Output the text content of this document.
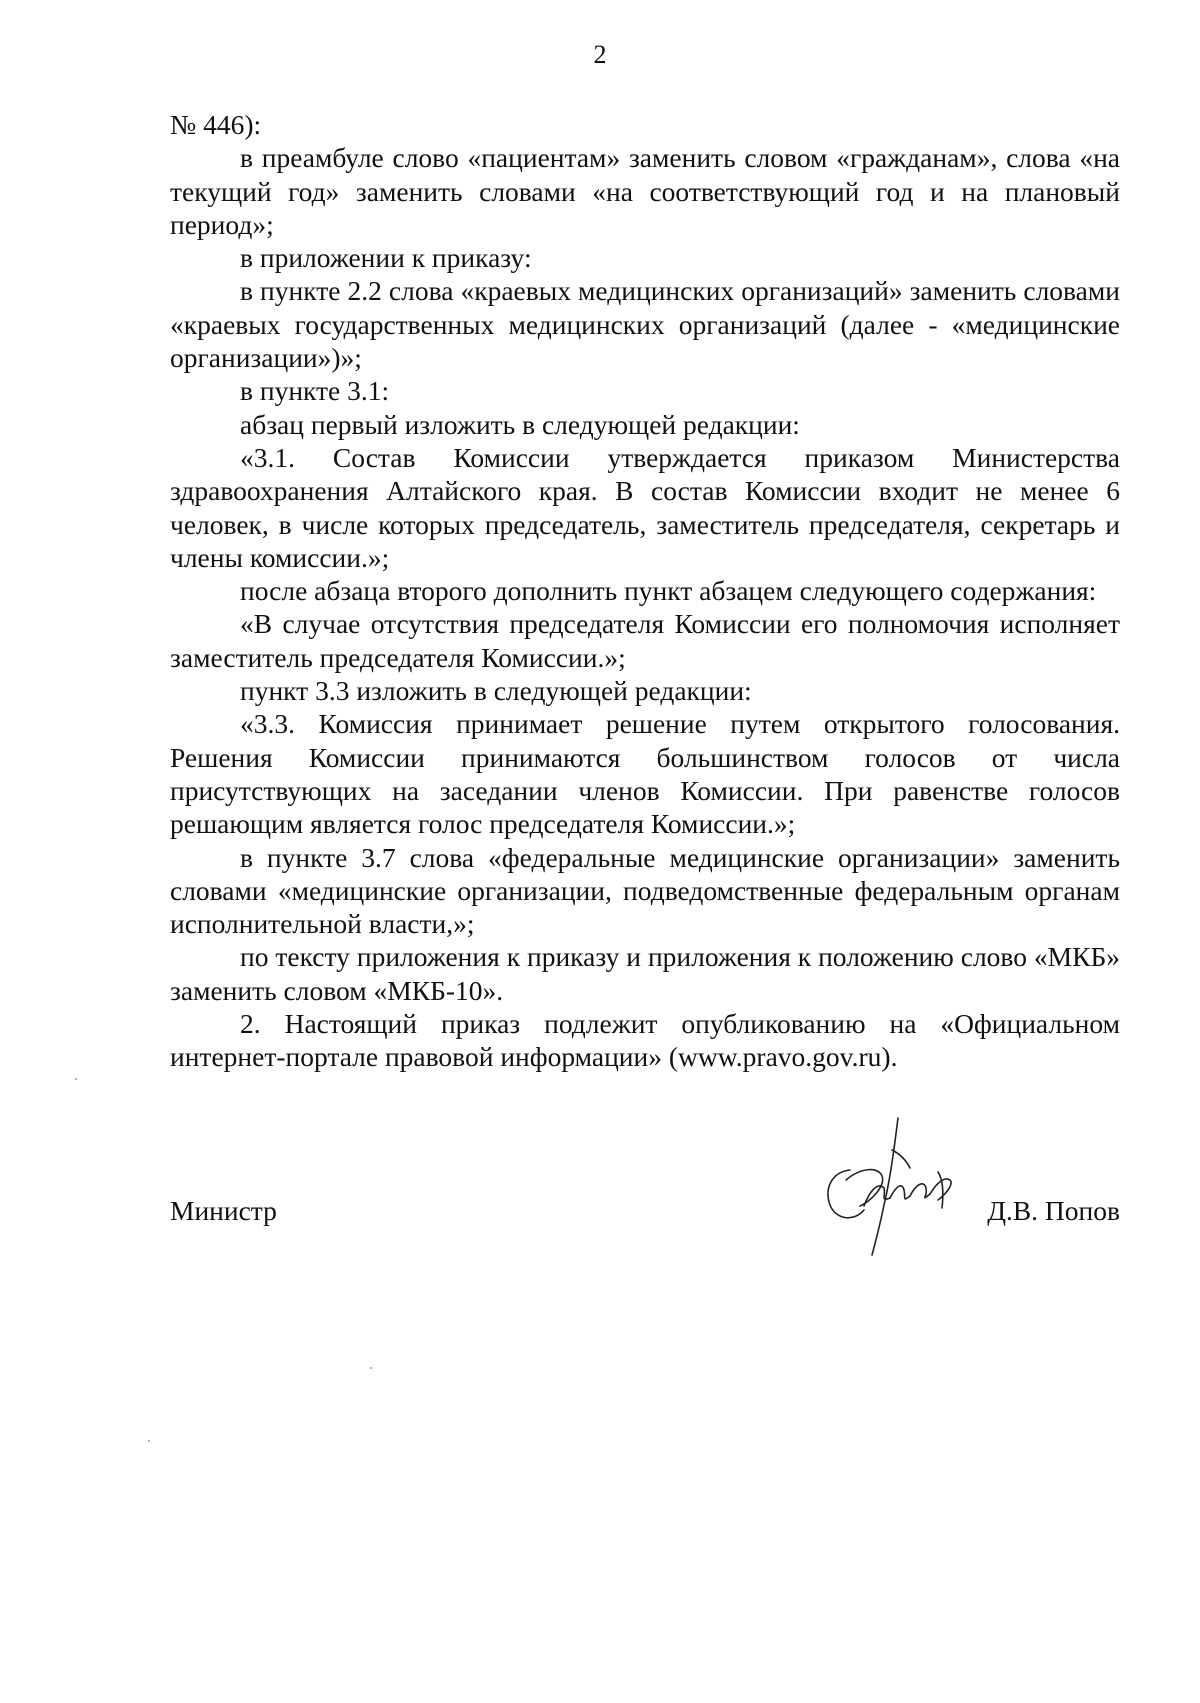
2

№ 446):

в преамбуле слово «пациентам» заменить словом «гражданам», слова «на текущий год» заменить словами «на соответствующий год и на плановый период»;

в приложении к приказу:

в пункте 2.2 слова «краевых медицинских организаций» заменить словами «краевых государственных медицинских организаций (далее - «медицинские организации»)»;

в пункте 3.1:

абзац первый изложить в следующей редакции:

«3.1. Состав Комиссии утверждается приказом Министерства здравоохранения Алтайского края. В состав Комиссии входит не менее 6 человек, в числе которых председатель, заместитель председателя, секретарь и члены комиссии.»;

после абзаца второго дополнить пункт абзацем следующего содержания:

«В случае отсутствия председателя Комиссии его полномочия исполняет заместитель председателя Комиссии.»;

пункт 3.3 изложить в следующей редакции:

«3.3. Комиссия принимает решение путем открытого голосования. Решения Комиссии принимаются большинством голосов от числа присутствующих на заседании членов Комиссии. При равенстве голосов решающим является голос председателя Комиссии.»;

в пункте 3.7 слова «федеральные медицинские организации» заменить словами «медицинские организации, подведомственные федеральным органам исполнительной власти,»;

по тексту приложения к приказу и приложения к положению слово «МКБ» заменить словом «МКБ-10».

2. Настоящий приказ подлежит опубликованию на «Официальном интернет-портале правовой информации» (www.pravo.gov.ru).

Министр	Д.В. Попов
